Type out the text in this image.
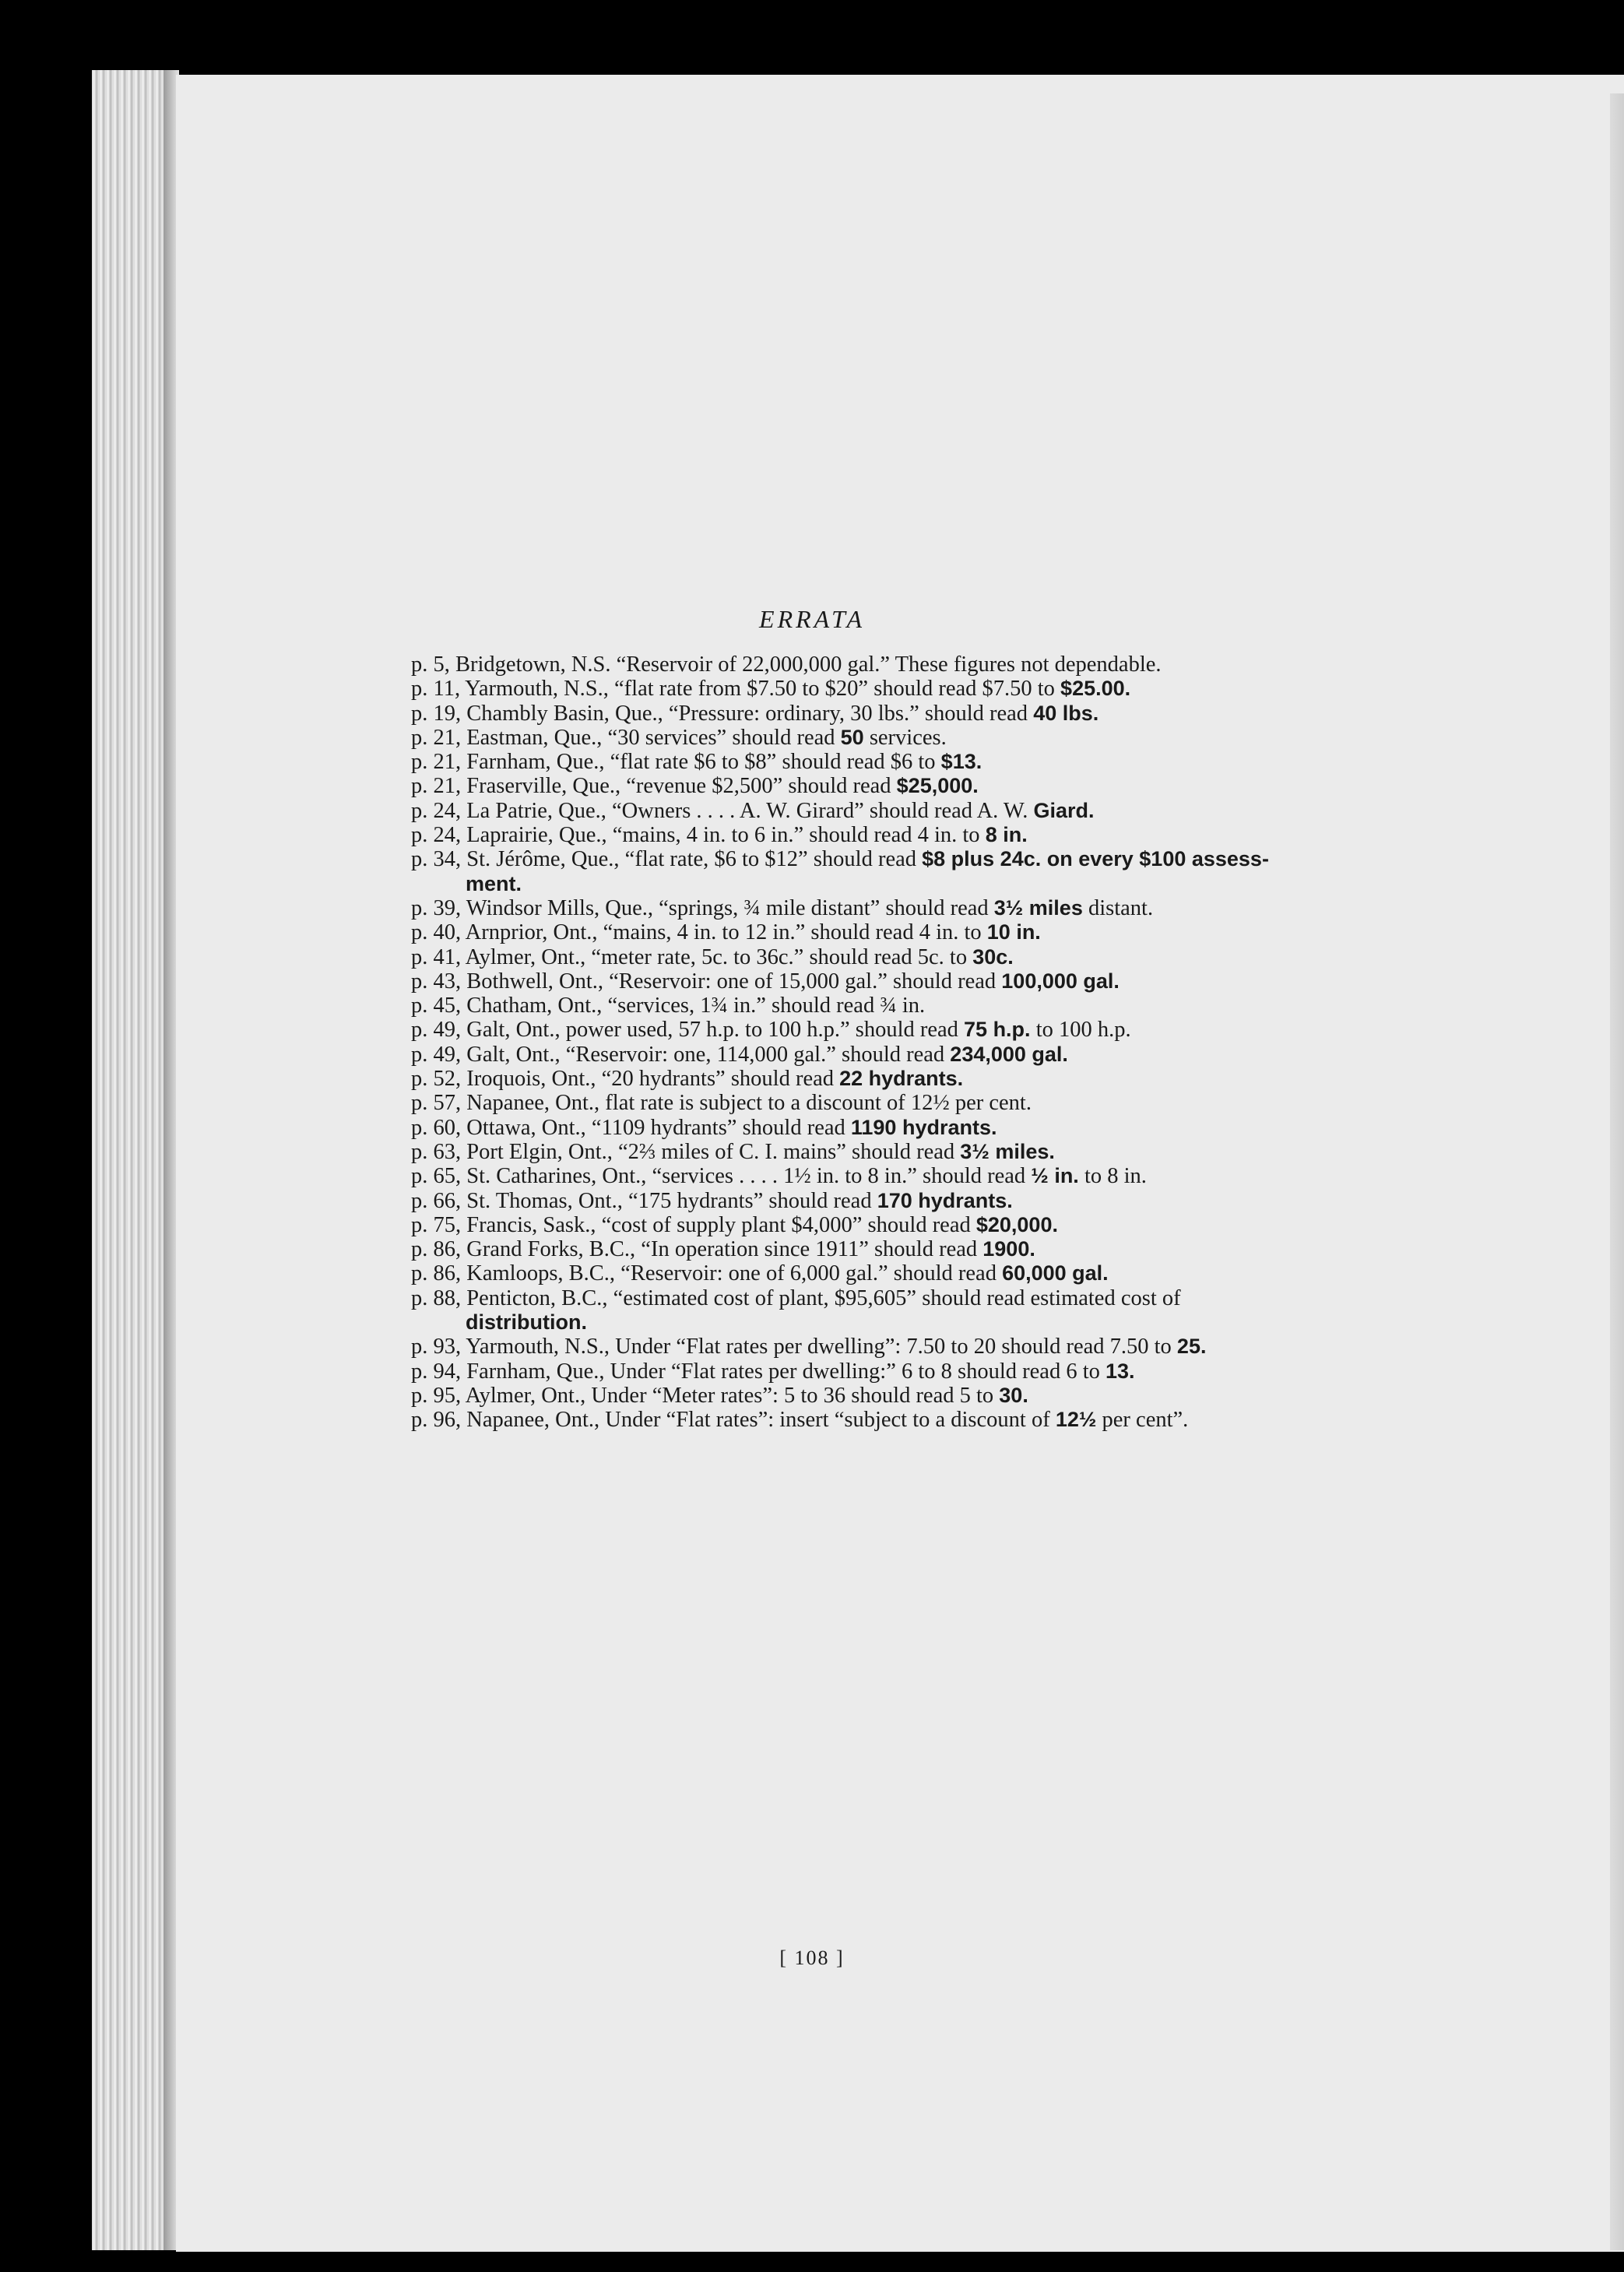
ERRATA
p. 5, Bridgetown, N.S. “Reservoir of 22,000,000 gal.” These figures not dependable.
p. 11, Yarmouth, N.S., “flat rate from $7.50 to $20” should read $7.50 to $25.00.
p. 19, Chambly Basin, Que., “Pressure: ordinary, 30 lbs.” should read 40 lbs.
p. 21, Eastman, Que., “30 services” should read 50 services.
p. 21, Farnham, Que., “flat rate $6 to $8” should read $6 to $13.
p. 21, Fraserville, Que., “revenue $2,500” should read $25,000.
p. 24, La Patrie, Que., “Owners . . . . A. W. Girard” should read A. W. Giard.
p. 24, Laprairie, Que., “mains, 4 in. to 6 in.” should read 4 in. to 8 in.
p. 34, St. Jérôme, Que., “flat rate, $6 to $12” should read $8 plus 24c. on every $100 assess-
ment.
p. 39, Windsor Mills, Que., “springs, ¾ mile distant” should read 3½ miles distant.
p. 40, Arnprior, Ont., “mains, 4 in. to 12 in.” should read 4 in. to 10 in.
p. 41, Aylmer, Ont., “meter rate, 5c. to 36c.” should read 5c. to 30c.
p. 43, Bothwell, Ont., “Reservoir: one of 15,000 gal.” should read 100,000 gal.
p. 45, Chatham, Ont., “services, 1¾ in.” should read ¾ in.
p. 49, Galt, Ont., power used, 57 h.p. to 100 h.p.” should read 75 h.p. to 100 h.p.
p. 49, Galt, Ont., “Reservoir: one, 114,000 gal.” should read 234,000 gal.
p. 52, Iroquois, Ont., “20 hydrants” should read 22 hydrants.
p. 57, Napanee, Ont., flat rate is subject to a discount of 12½ per cent.
p. 60, Ottawa, Ont., “1109 hydrants” should read 1190 hydrants.
p. 63, Port Elgin, Ont., “2⅔ miles of C. I. mains” should read 3½ miles.
p. 65, St. Catharines, Ont., “services . . . . 1½ in. to 8 in.” should read ½ in. to 8 in.
p. 66, St. Thomas, Ont., “175 hydrants” should read 170 hydrants.
p. 75, Francis, Sask., “cost of supply plant $4,000” should read $20,000.
p. 86, Grand Forks, B.C., “In operation since 1911” should read 1900.
p. 86, Kamloops, B.C., “Reservoir: one of 6,000 gal.” should read 60,000 gal.
p. 88, Penticton, B.C., “estimated cost of plant, $95,605” should read estimated cost of
distribution.
p. 93, Yarmouth, N.S., Under “Flat rates per dwelling”: 7.50 to 20 should read 7.50 to 25.
p. 94, Farnham, Que., Under “Flat rates per dwelling:” 6 to 8 should read 6 to 13.
p. 95, Aylmer, Ont., Under “Meter rates”: 5 to 36 should read 5 to 30.
p. 96, Napanee, Ont., Under “Flat rates”: insert “subject to a discount of 12½ per cent”.
[ 108 ]
